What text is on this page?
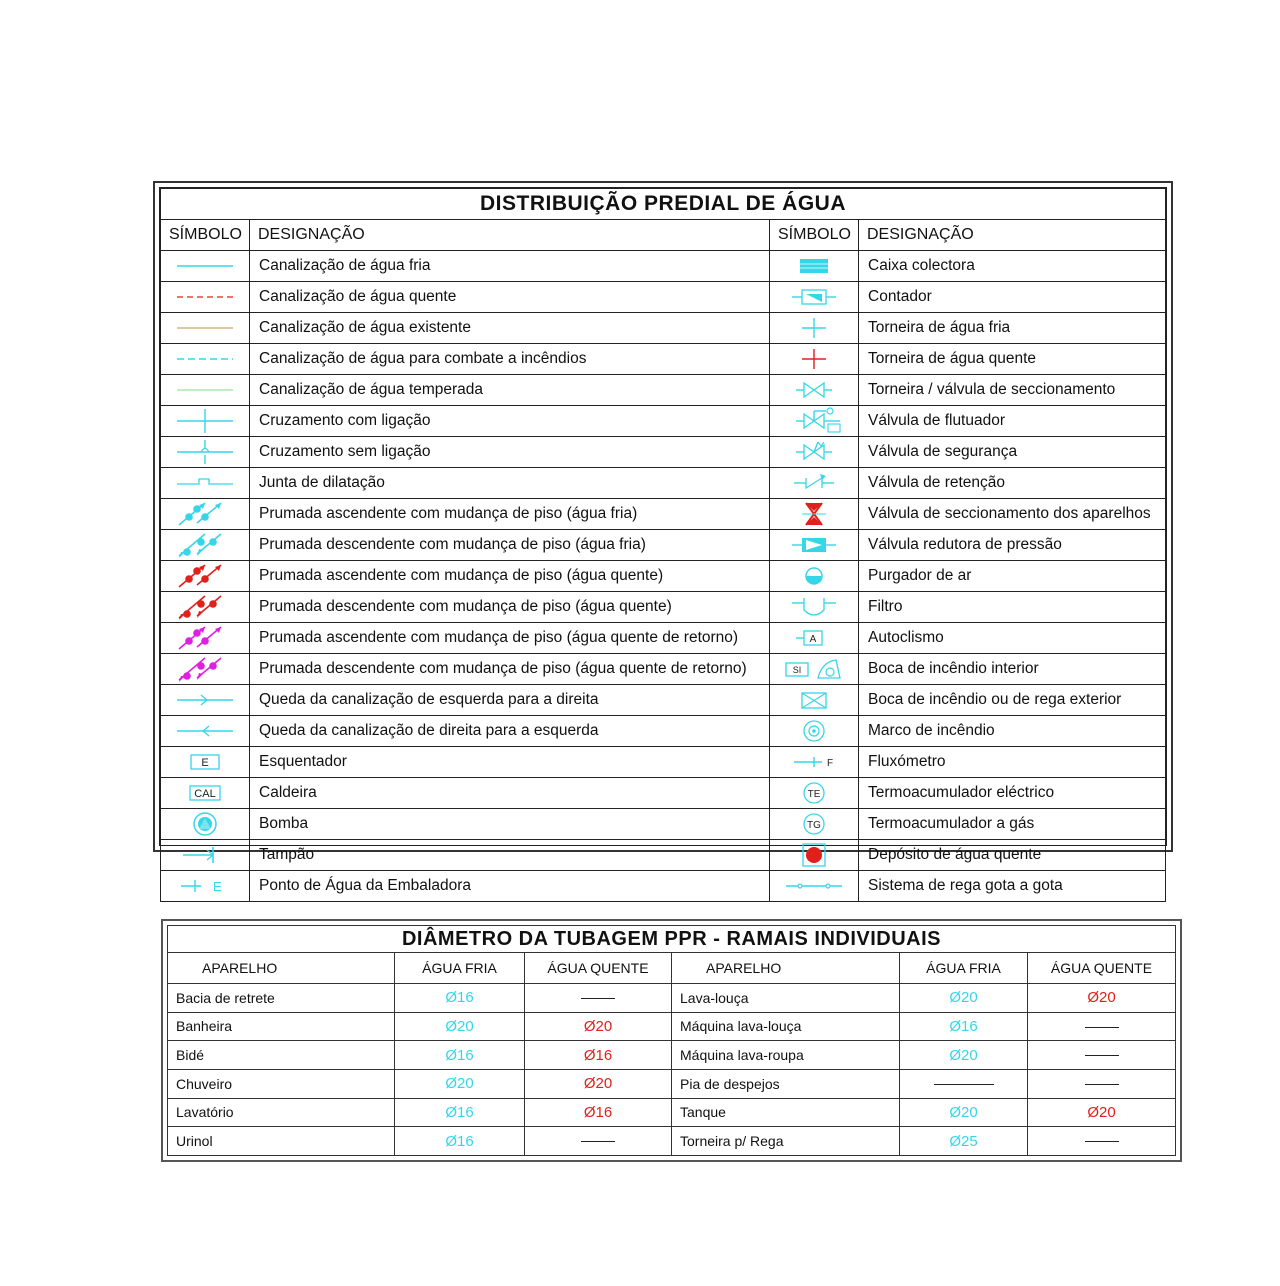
DISTRIBUIÇÃO PREDIAL DE ÁGUA			
SÍMBOLO	DESIGNAÇÃO	SÍMBOLO	DESIGNAÇÃO

	Canalização de água fria		Caixa colectora

	Canalização de água quente		Contador

	Canalização de água existente		Torneira de água fria

	Canalização de água para combate a incêndios		Torneira de água quente

	Canalização de água temperada		Torneira / válvula de seccionamento

	Cruzamento com ligação		Válvula de flutuador

	Cruzamento sem ligação		Válvula de segurança

	Junta de dilatação		Válvula de retenção

	Prumada ascendente com mudança de piso (água fria)		Válvula de seccionamento dos aparelhos

	Prumada descendente com mudança de piso (água fria)		Válvula redutora de pressão

	Prumada ascendente com mudança de piso (água quente)		Purgador de ar

	Prumada descendente com mudança de piso (água quente)		Filtro

	Prumada ascendente com mudança de piso (água quente de retorno)	A	Autoclismo

	Prumada descendente com mudança de piso (água quente de retorno)	SI	Boca de incêndio interior

	Queda da canalização de esquerda para a direita		Boca de incêndio ou de rega exterior

	Queda da canalização de direita para a esquerda		Marco de incêndio

E	Esquentador	F	Fluxómetro

CAL	Caldeira	TE	Termoacumulador eléctrico

	Bomba	TG	Termoacumulador a gás

	Tampão		Depósito de água quente

E	Ponto de Água da Embaladora		Sistema de rega gota a gota
DIÂMETRO DA TUBAGEM PPR - RAMAIS INDIVIDUAIS					
APARELHO	ÁGUA FRIA	ÁGUA QUENTE	APARELHO	ÁGUA FRIA	ÁGUA QUENTE
Bacia de retrete	Ø16		Lava-louça	Ø20	Ø20
Banheira	Ø20	Ø20	Máquina lava-louça	Ø16	
Bidé	Ø16	Ø16	Máquina lava-roupa	Ø20	
Chuveiro	Ø20	Ø20	Pia de despejos		
Lavatório	Ø16	Ø16	Tanque	Ø20	Ø20
Urinol	Ø16		Torneira p/ Rega	Ø25	
